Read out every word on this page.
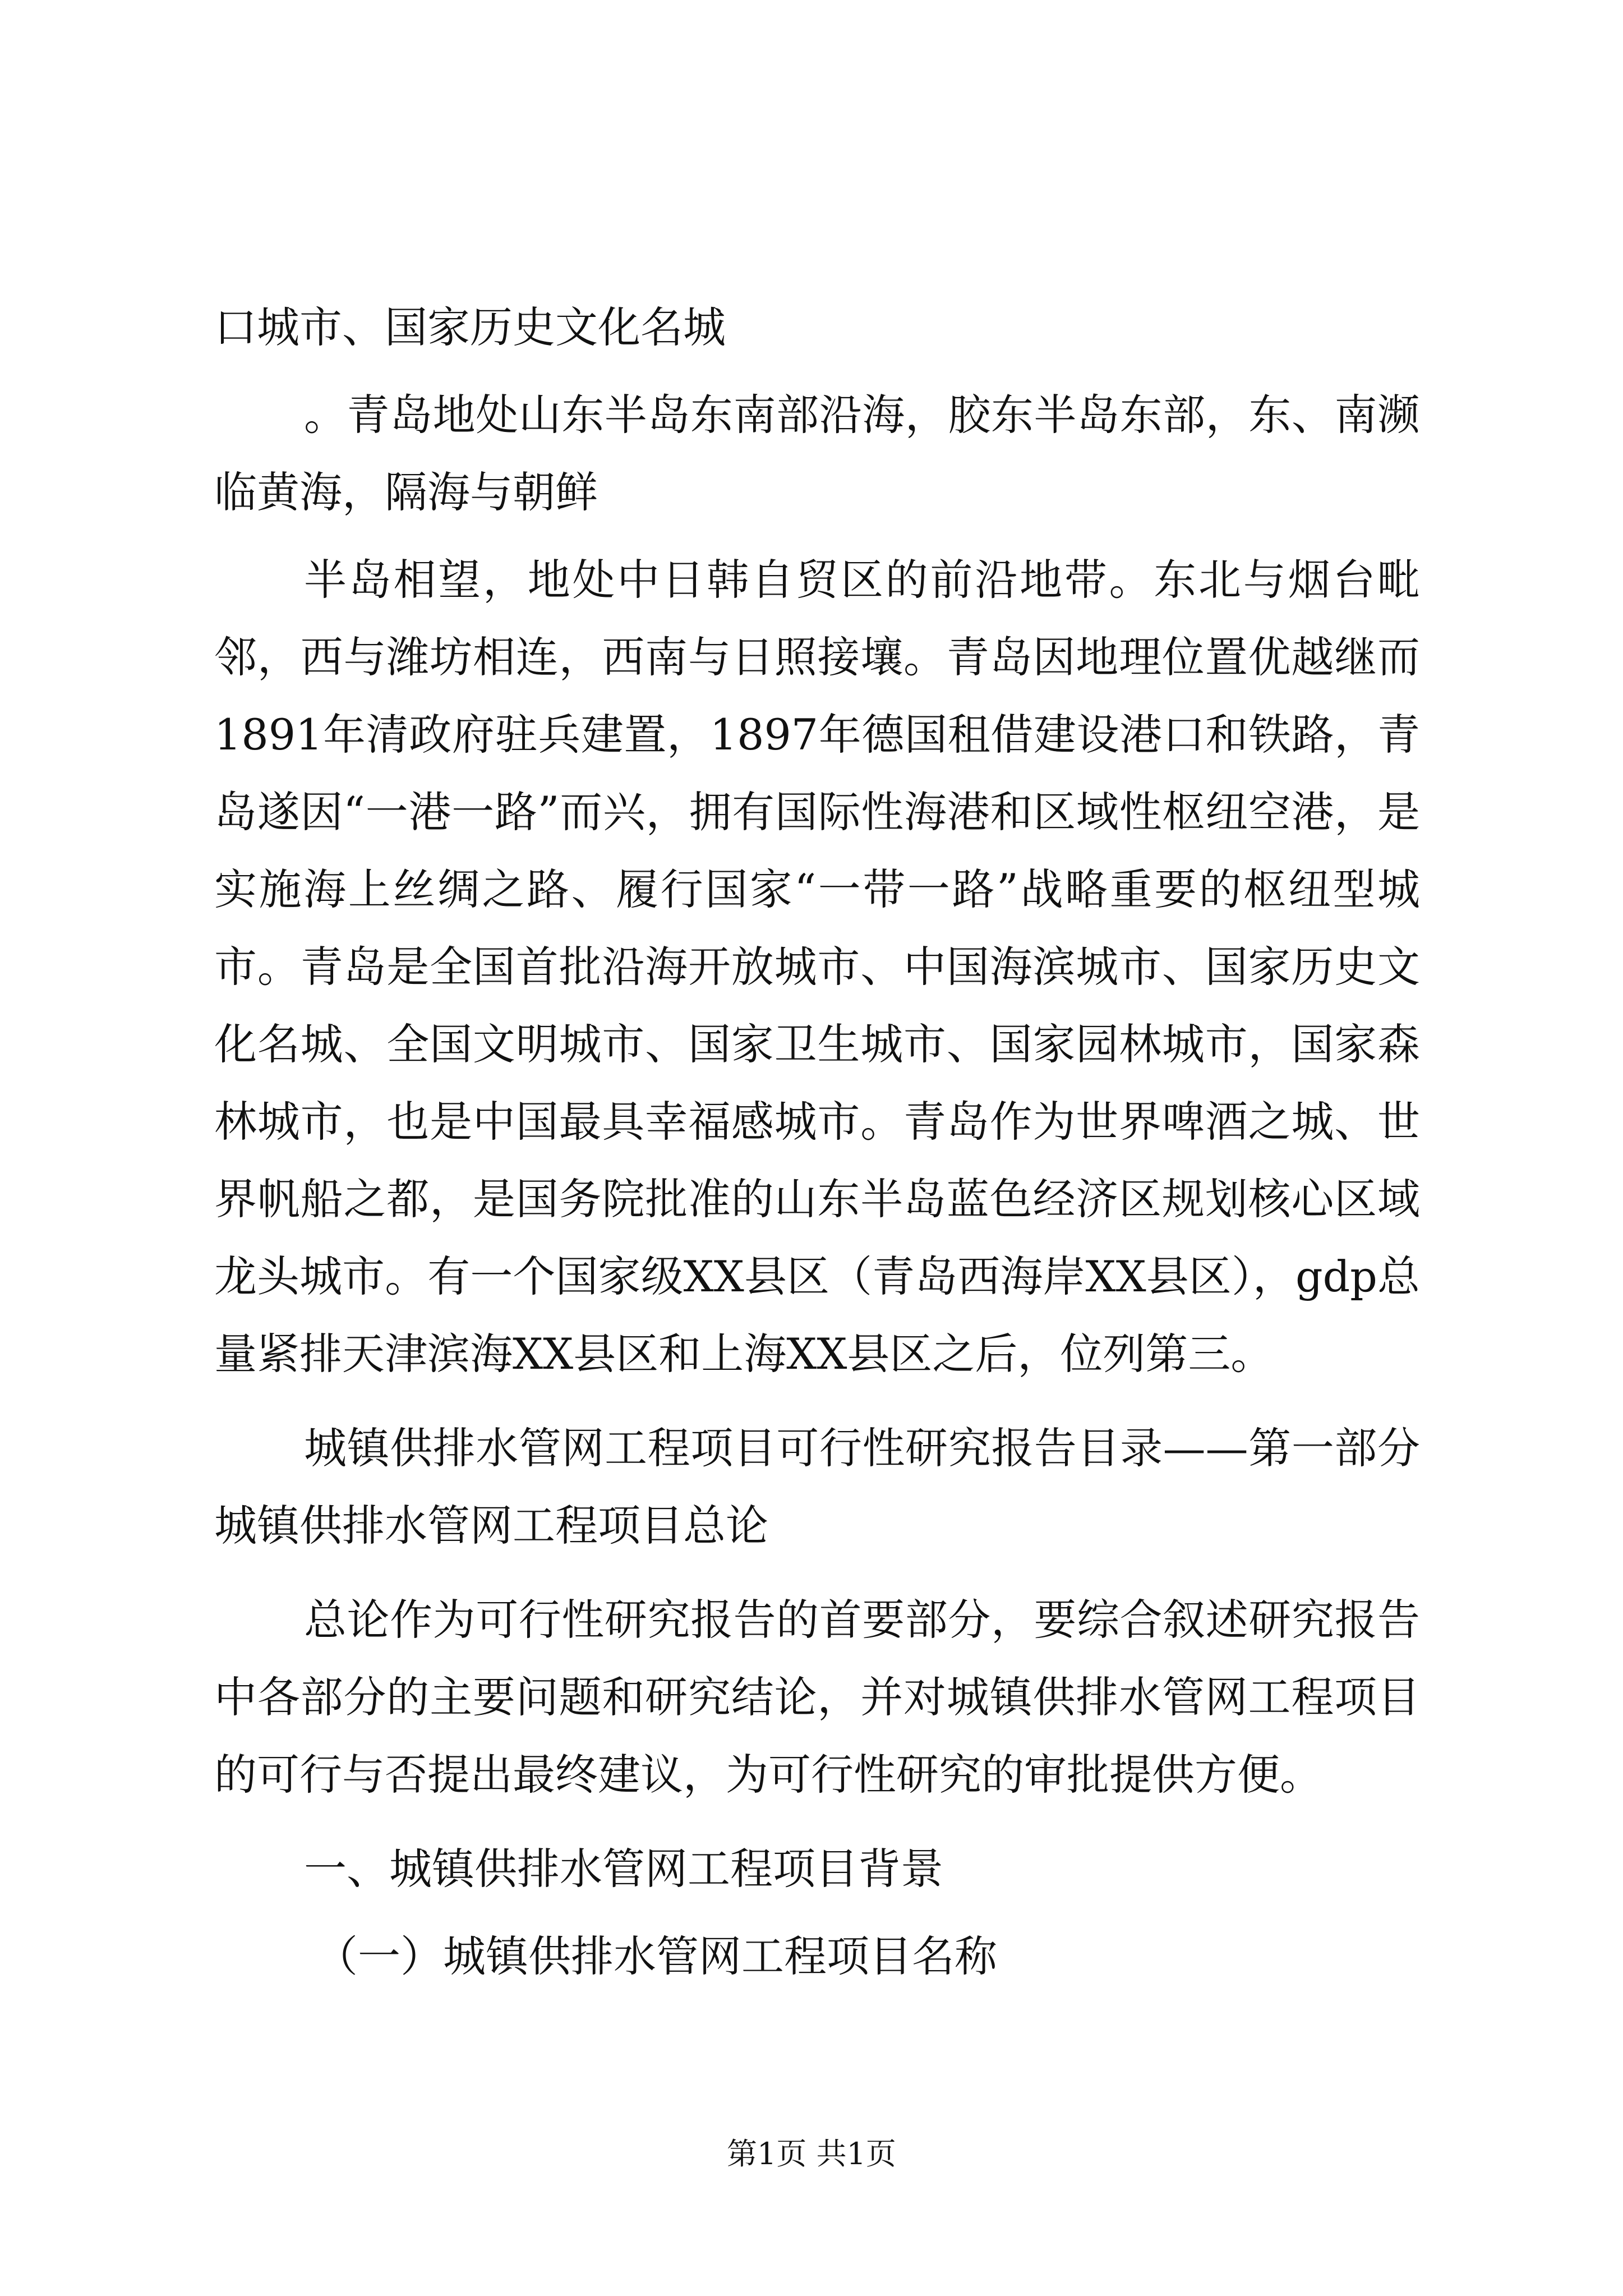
口城市、国家历史文化名城

。青岛地处山东半岛东南部沿海，胶东半岛东部，东、南濒临黄海，隔海与朝鲜

半岛相望，地处中日韩自贸区的前沿地带。东北与烟台毗邻，西与潍坊相连，西南与日照接壤。青岛因地理位置优越继而1891年清政府驻兵建置，1897年德国租借建设港口和铁路，青岛遂因“一港一路”而兴，拥有国际性海港和区域性枢纽空港，是实施海上丝绸之路、履行国家“一带一路”战略重要的枢纽型城市。青岛是全国首批沿海开放城市、中国海滨城市、国家历史文化名城、全国文明城市、国家卫生城市、国家园林城市，国家森林城市，也是中国最具幸福感城市。青岛作为世界啤酒之城、世界帆船之都，是国务院批准的山东半岛蓝色经济区规划核心区域龙头城市。有一个国家级XX县区（青岛西海岸XX县区），gdp总量紧排天津滨海XX县区和上海XX县区之后，位列第三。

城镇供排水管网工程项目可行性研究报告目录——第一部分城镇供排水管网工程项目总论

总论作为可行性研究报告的首要部分，要综合叙述研究报告中各部分的主要问题和研究结论，并对城镇供排水管网工程项目的可行与否提出最终建议，为可行性研究的审批提供方便。

一、城镇供排水管网工程项目背景

（一）城镇供排水管网工程项目名称

第1页 共1页
